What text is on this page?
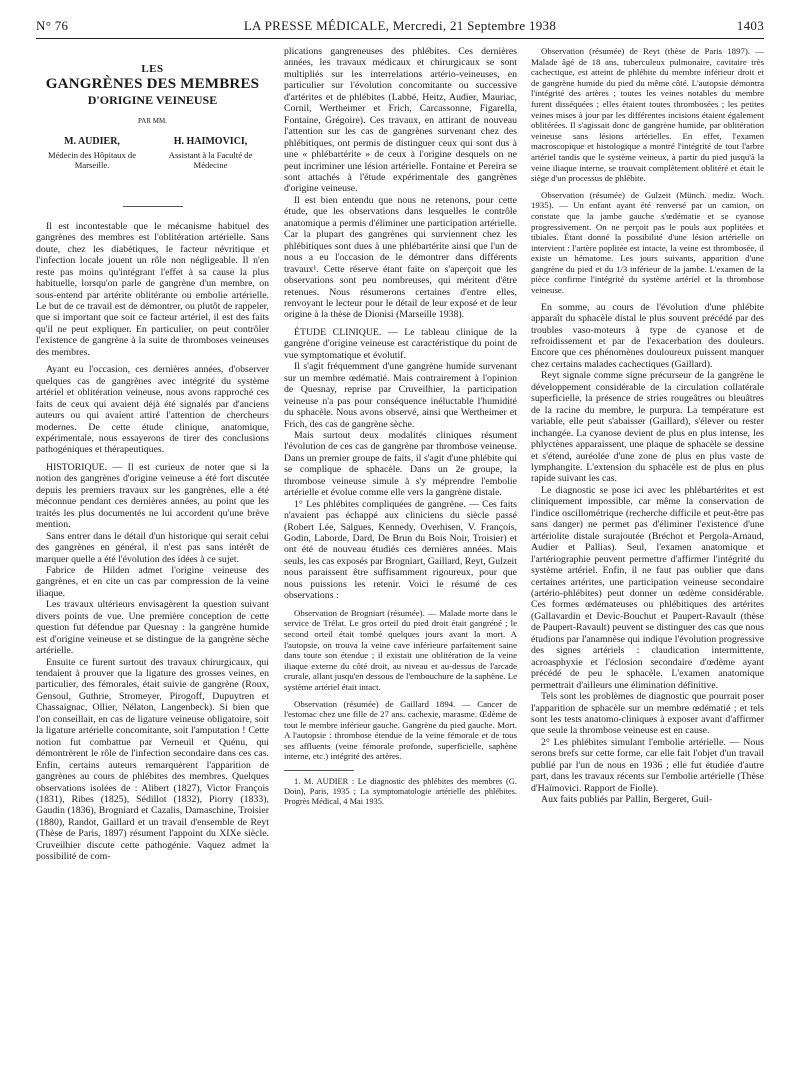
N° 76	LA PRESSE MÉDICALE, Mercredi, 21 Septembre 1938	1403
LES
GANGRÈNES DES MEMBRES
D'ORIGINE VEINEUSE
PAR MM.
M. AUDIER,
Médecin des Hôpitaux de Marseille.
H. HAIMOVICI,
Assistant à la Faculté de Médecine

Il est incontestable que le mécanisme habituel des gangrènes des membres est l'oblitération artérielle. Sans doute, chez les diabétiques, le facteur névritique et l'infection locale jouent un rôle non négligeable. Il n'en reste pas moins qu'intégrant l'effet à sa cause la plus habituelle, lorsqu'on parle de gangrène d'un membre, on sous-entend par artérite oblitérante ou embolie artérielle. Le but de ce travail est de démontrer, ou plutôt de rappeler, que si important que soit ce facteur artériel, il est des faits qu'il ne peut expliquer. En particulier, on peut contrôler l'existence de gangrène à la suite de thromboses veineuses des membres.

Ayant eu l'occasion, ces dernières années, d'observer quelques cas de gangrènes avec intégrité du système artériel et oblitération veineuse, nous avons rapproché ces faits de ceux qui avaient déjà été signalés par d'anciens auteurs ou qui avaient attiré l'attention de chercheurs modernes. De cette étude clinique, anatomique, expérimentale, nous essayerons de tirer des conclusions pathogéniques et thérapeutiques.

HISTORIQUE. — Il est curieux de noter que si la notion des gangrènes d'origine veineuse a été fort discutée depuis les premiers travaux sur les gangrènes, elle a été méconnue pendant ces dernières années, au point que les traités les plus documentés ne lui accordent qu'une brève mention.

Sans entrer dans le détail d'un historique qui serait celui des gangrènes en général, il n'est pas sans intérêt de marquer quelle a été l'évolution des idées à ce sujet.

Fabrice de Hilden admet l'origine veineuse des gangrènes, et en cite un cas par compression de la veine iliaque.

Les travaux ultérieurs envisagèrent la question suivant divers points de vue. Une première conception de cette question fut défendue par Quesnay : la gangrène humide est d'origine veineuse et se distingue de la gangrène sèche artérielle.

Ensuite ce furent surtout des travaux chirurgicaux, qui tendaient à prouver que la ligature des grosses veines, en particulier, des fémorales, était suivie de gangrène (Roux, Gensoul, Guthrie, Stromeyer, Pirogoff, Dupuytren et Chassaignac, Ollier, Nélaton, Langenbeck). Si bien que l'on conseillait, en cas de ligature veineuse obligatoire, soit la ligature artérielle concomitante, soit l'amputation ! Cette notion fut combattue par Verneuil et Quénu, qui démontrèrent le rôle de l'infection secondaire dans ces cas. Enfin, certains auteurs remarquèrent l'apparition de gangrènes au cours de phlébites des membres. Quelques observations isolées de : Alibert (1827), Victor François (1831), Ribes (1825), Sédillot (1832), Piorry (1833), Gaudin (1836), Brogniard et Cazalis, Damaschine, Troisier (1880), Randot, Gaillard et un travail d'ensemble de Reyt (Thèse de Paris, 1897) résument l'appoint du XIXe siècle. Cruveilhier discute cette pathogénie. Vaquez admet la possibilité de com-

plications gangreneuses des phlébites. Ces dernières années, les travaux médicaux et chirurgicaux se sont multipliés sur les interrelations artério-veineuses, en particulier sur l'évolution concomitante ou successive d'artérites et de phlébites (Labbé, Heitz, Audier, Mauriac, Cornil, Wertheimer et Frich, Carcassonne, Figarella, Fontaine, Grégoire). Ces travaux, en attirant de nouveau l'attention sur les cas de gangrènes survenant chez des phlébitiques, ont permis de distinguer ceux qui sont dus à une « phlébartérite » de ceux à l'origine desquels on ne peut incriminer une lésion artérielle. Fontaine et Pereira se sont attachés à l'étude expérimentale des gangrènes d'origine veineuse.

Il est bien entendu que nous ne retenons, pour cette étude, que les observations dans lesquelles le contrôle anatomique a permis d'éliminer une participation artérielle. Car la plupart des gangrènes qui surviennent chez les phlébitiques sont dues à une phlébartérite ainsi que l'un de nous a eu l'occasion de le démontrer dans différents travaux¹. Cette réserve étant faite on s'aperçoit que les observations sont peu nombreuses, qui méritent d'être retenues. Nous résumerons certaines d'entre elles, renvoyant le lecteur pour le détail de leur exposé et de leur origine à la thèse de Dionisi (Marseille 1938).

ÉTUDE CLINIQUE. — Le tableau clinique de la gangrène d'origine veineuse est caractéristique du point de vue symptomatique et évolutif.

Il s'agit fréquemment d'une gangrène humide survenant sur un membre œdématié. Mais contrairement à l'opinion de Quesnay, reprise par Cruveilhier, la participation veineuse n'a pas pour conséquence inéluctable l'humidité du sphacèle. Nous avons observé, ainsi que Wertheimer et Frich, des cas de gangrène sèche.

Mais surtout deux modalités cliniques résument l'évolution de ces cas de gangrène par thrombose veineuse. Dans un premier groupe de faits, il s'agit d'une phlébite qui se complique de sphacèle. Dans un 2e groupe, la thrombose veineuse simule à s'y méprendre l'embolie artérielle et évolue comme elle vers la gangrène distale.

1° Les phlébites compliquées de gangrène. — Ces faits n'avaient pas échappé aux cliniciens du siècle passé (Robert Lée, Salgues, Kennedy, Overhisen, V. François, Godin, Laborde, Dard, De Brun du Bois Noir, Troisier) et ont été de nouveau étudiés ces dernières années. Mais seuls, les cas exposés par Brogniart, Gaillard, Reyt, Gulzeit nous paraissent être suffisamment rigoureux, pour que nous puissions les retenir. Voici le résumé de ces observations :

Observation de Brogniart (résumée). — Malade morte dans le service de Trélat. Le gros orteil du pied droit était gangréné ; le second orteil était tombé quelques jours avant la mort. A l'autopsie, on trouva la veine cave inférieure parfaitement saine dans toute son étendue ; il existait une oblitération de la veine iliaque externe du côté droit, au niveau et au-dessus de l'arcade crurale, allant jusqu'en dessous de l'embouchure de la saphène. Le système artériel était intact.

Observation (résumée) de Gaillard 1894. — Cancer de l'estomac chez une fille de 27 ans. cachexie, marasme. Œdème de tout le membre inférieur gauche. Gangrène du pied gauche. Mort. A l'autopsie : thrombose étendue de la veine fémorale et de tous ses affluents (veine fémorale profonde, superficielle, saphène interne, etc.) intégrité des artères.

1. M. AUDIER : Le diagnostic des phlébites des membres (G. Doin), Paris, 1935 ; La symptomatologie artérielle des phlébites. Progrès Médical, 4 Mai 1935.

Observation (résumée) de Reyt (thèse de Paris 1897). — Malade âgé de 18 ans, tuberculeux pulmonaire, cavitaire très cachectique, est atteint de phlébite du membre inférieur droit et de gangrène humide du pied du même côté. L'autopsie démontra l'intégrité des artères ; toutes les veines notables du membre furent disséquées ; elles étaient toutes thrombosées ; les petites veines mises à jour par les différentes incisions étaient également oblitérées. Il s'agissait donc de gangrène humide, par oblitération veineuse sans lésions artérielles. En effet, l'examen macroscopique et histologique a montré l'intégrité de tout l'arbre artériel tandis que le système veineux, à partir du pied jusqu'à la veine iliaque interne, se trouvait complètement oblitéré et était le siège d'un processus de phlébite.

Observation (résumée) de Gulzeit (Münch. mediz. Woch. 1935). — Un enfant ayant été renversé par un camion, on constate que la jambe gauche s'œdématie et se cyanose progressivement. On ne perçoit pas le pouls aux poplitées et tibiales. Étant donné la possibilité d'une lésion artérielle on intervient : l'artère poplitée est intacte, la veine est thrombosée, il existe un hématome. Les jours suivants, apparition d'une gangrène du pied et du 1/3 inférieur de la jambe. L'examen de la pièce confirme l'intégrité du système artériel et la thrombose veineuse.

En somme, au cours de l'évolution d'une phlébite apparaît du sphacèle distal le plus souvent précédé par des troubles vaso-moteurs à type de cyanose et de refroidissement et par de l'exacerbation des douleurs. Encore que ces phénomènes douloureux puissent manquer chez certains malades cachectiques (Gaillard).

Reyt signale comme signe précurseur de la gangrène le développement considérable de la circulation collatérale superficielle, la présence de stries rougeâtres ou bleuâtres de la racine du membre, le purpura. La température est variable, elle peut s'abaisser (Gaillard), s'élever ou rester inchangée. La cyanose devient de plus en plus intense, les phlyctènes apparaissent, une plaque de sphacèle se dessine et s'étend, auréolée d'une zone de plus en plus vaste de lymphangite. L'extension du sphacèle est de plus en plus rapide suivant les cas.

Le diagnostic se pose ici avec les phlébartérites et est cliniquement impossible, car même la conservation de l'indice oscillométrique (recherche difficile et peut-être pas sans danger) ne permet pas d'éliminer l'existence d'une artériolite distale surajoutée (Bréchot et Pergola-Arnaud, Audier et Pallias). Seul, l'examen anatomique et l'artériographie peuvent permettre d'affirmer l'intégrité du système artériel. Enfin, il ne faut pas oublier que dans certaines artérites, une participation veineuse secondaire (artério-phlébites) peut donner un œdème considérable. Ces formes œdémateuses ou phlébitiques des artérites (Gallavardin et Devic-Bouchut et Paupert-Ravault (thèse de Paupert-Ravault) peuvent se distinguer des cas que nous étudions par l'anamnèse qui indique l'évolution progressive des signes artériels : claudication intermittente, acroasphyxie et l'éclosion secondaire d'œdème ayant précédé de peu le sphacèle. L'examen anatomique permettrait d'ailleurs une élimination définitive.

Tels sont les problèmes de diagnostic que pourrait poser l'apparition de sphacèle sur un membre œdématié ; et tels sont les tests anatomo-cliniques à exposer avant d'affirmer que seule la thrombose veineuse est en cause.

2° Les phlébites simulant l'embolie artérielle. — Nous serons brefs sur cette forme, car elle fait l'objet d'un travail publié par l'un de nous en 1936 ; elle fut étudiée d'autre part, dans les travaux récents sur l'embolie artérielle (Thèse d'Haïmovici. Rapport de Fiolle).

Aux faits publiés par Pallin, Bergeret, Guil-
